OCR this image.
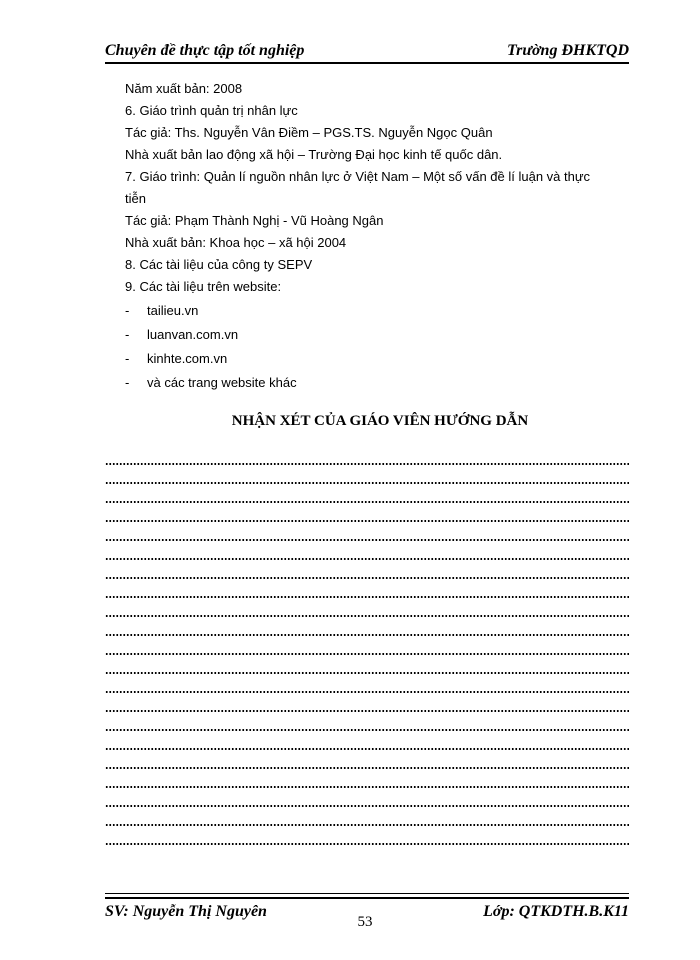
Chuyên đề thực tập tốt nghiệp	Trường ĐHKTQD
Năm xuất bản: 2008
6. Giáo trình quản trị nhân lực
Tác giả: Ths. Nguyễn Vân Điềm – PGS.TS. Nguyễn Ngọc Quân
Nhà xuất bản lao động xã hội – Trường Đại học kinh tế quốc dân.
7. Giáo trình: Quản lí nguồn nhân lực ở Việt Nam – Một số vấn đề lí luận và thực
tiễn
Tác giả: Phạm Thành Nghị - Vũ Hoàng Ngân
Nhà xuất bản: Khoa học – xã hội 2004
8. Các tài liệu của công ty SEPV
9. Các tài liệu trên website:
- tailieu.vn
- luanvan.com.vn
- kinhte.com.vn
- và các trang website khác
NHẬN XÉT CỦA GIÁO VIÊN HƯỚNG DẪN
SV: Nguyễn Thị Nguyên	Lớp: QTKDTH.B.K11
53
